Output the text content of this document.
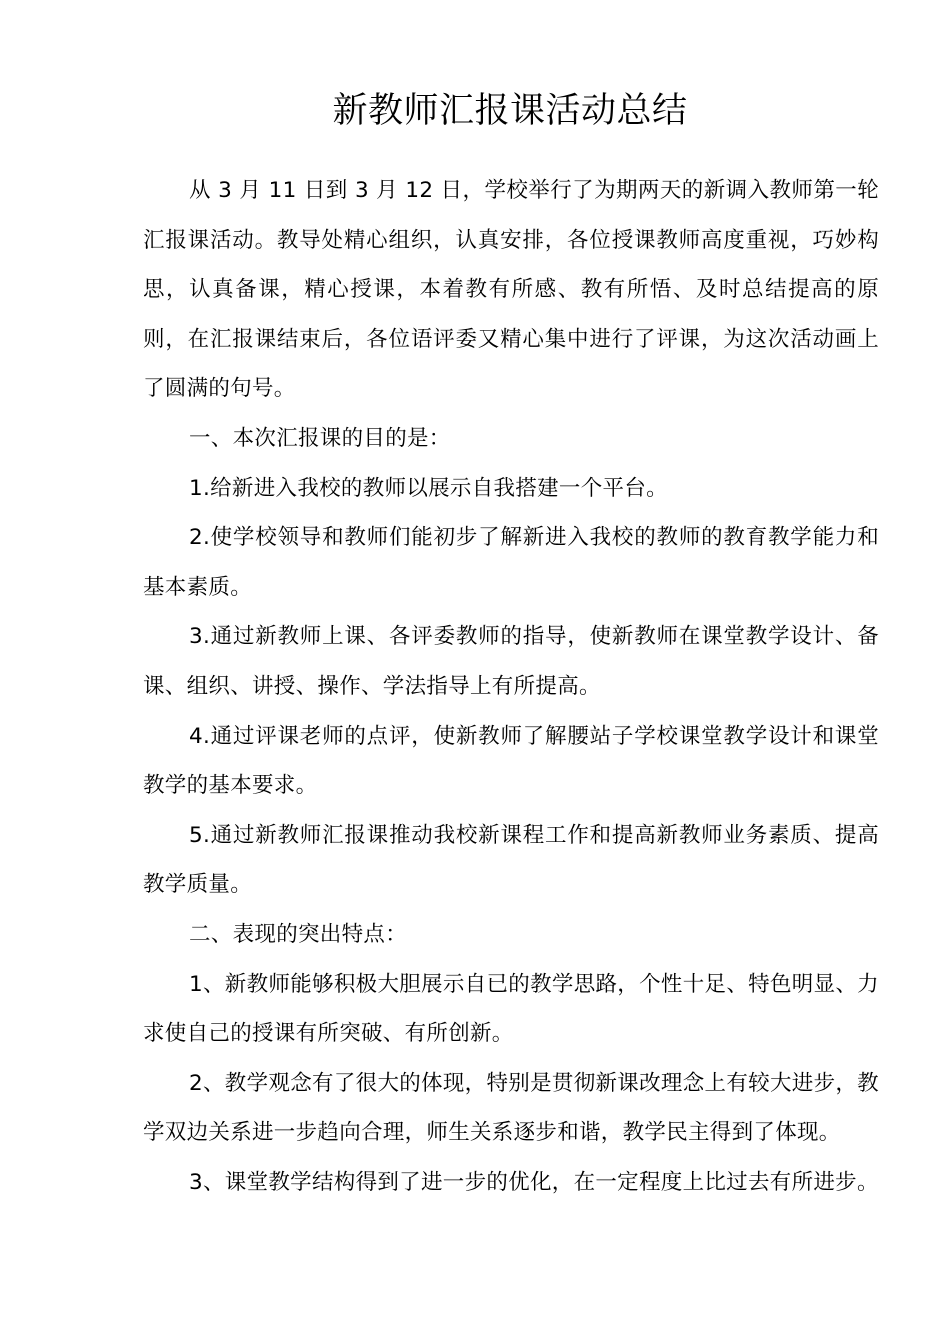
新教师汇报课活动总结

从 3 月 11 日到 3 月 12 日，学校举行了为期两天的新调入教师第一轮汇报课活动。教导处精心组织，认真安排，各位授课教师高度重视，巧妙构思，认真备课，精心授课，本着教有所感、教有所悟、及时总结提高的原则，在汇报课结束后，各位语评委又精心集中进行了评课，为这次活动画上了圆满的句号。

一、本次汇报课的目的是：

1.给新进入我校的教师以展示自我搭建一个平台。

2.使学校领导和教师们能初步了解新进入我校的教师的教育教学能力和基本素质。

3.通过新教师上课、各评委教师的指导，使新教师在课堂教学设计、备课、组织、讲授、操作、学法指导上有所提高。

4.通过评课老师的点评，使新教师了解腰站子学校课堂教学设计和课堂教学的基本要求。

5.通过新教师汇报课推动我校新课程工作和提高新教师业务素质、提高教学质量。

二、表现的突出特点：

1、新教师能够积极大胆展示自已的教学思路，个性十足、特色明显、力求使自己的授课有所突破、有所创新。

2、教学观念有了很大的体现，特别是贯彻新课改理念上有较大进步，教学双边关系进一步趋向合理，师生关系逐步和谐，教学民主得到了体现。

3、课堂教学结构得到了进一步的优化，在一定程度上比过去有所进步。
